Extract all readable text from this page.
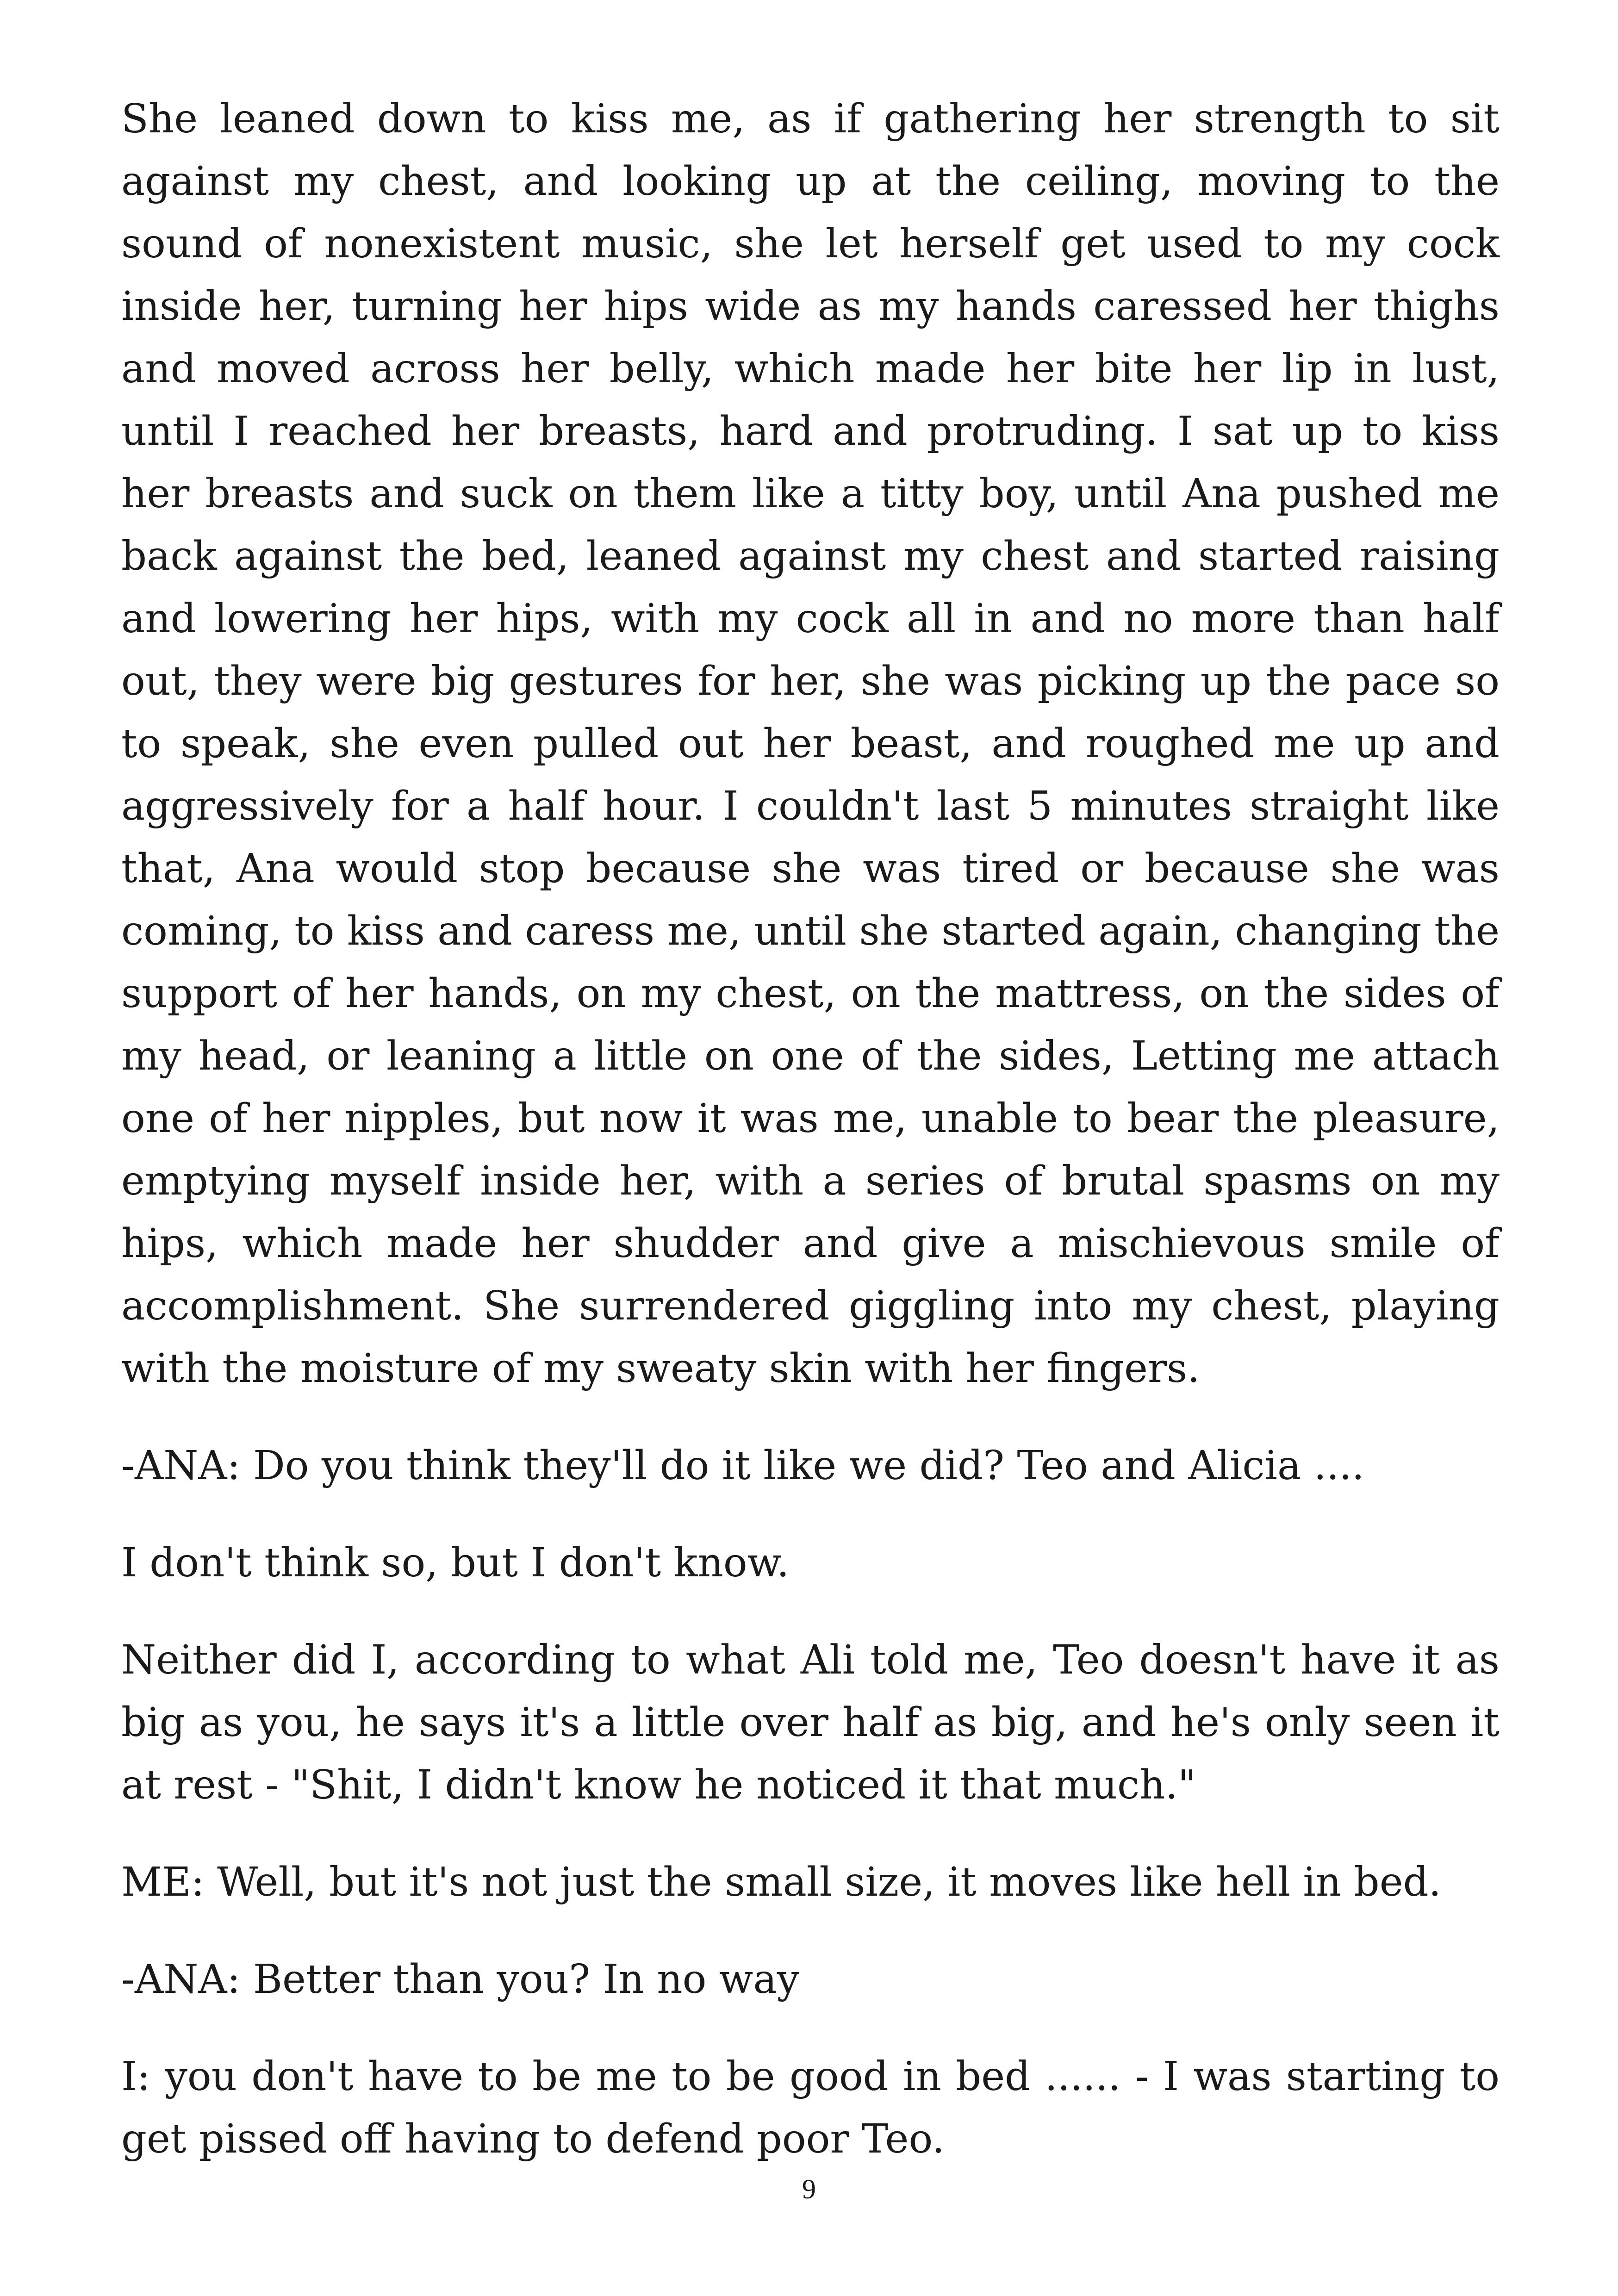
She leaned down to kiss me, as if gathering her strength to sit against my chest, and looking up at the ceiling, moving to the sound of nonexistent music, she let herself get used to my cock inside her, turning her hips wide as my hands caressed her thighs and moved across her belly, which made her bite her lip in lust, until I reached her breasts, hard and protruding. I sat up to kiss her breasts and suck on them like a titty boy, until Ana pushed me back against the bed, leaned against my chest and started raising and lowering her hips, with my cock all in and no more than half out, they were big gestures for her, she was picking up the pace so to speak, she even pulled out her beast, and roughed me up and aggressively for a half hour. I couldn't last 5 minutes straight like that, Ana would stop because she was tired or because she was coming, to kiss and caress me, until she started again, changing the support of her hands, on my chest, on the mattress, on the sides of my head, or leaning a little on one of the sides, Letting me attach one of her nipples, but now it was me, unable to bear the pleasure, emptying myself inside her, with a series of brutal spasms on my hips, which made her shudder and give a mischievous smile of accomplishment. She surrendered giggling into my chest, playing with the moisture of my sweaty skin with her fingers.

-ANA: Do you think they'll do it like we did? Teo and Alicia ....

I don't think so, but I don't know.

Neither did I, according to what Ali told me, Teo doesn't have it as big as you, he says it's a little over half as big, and he's only seen it at rest - "Shit, I didn't know he noticed it that much."

ME: Well, but it's not just the small size, it moves like hell in bed.

-ANA: Better than you? In no way

I: you don't have to be me to be good in bed ...... - I was starting to get pissed off having to defend poor Teo.

9
